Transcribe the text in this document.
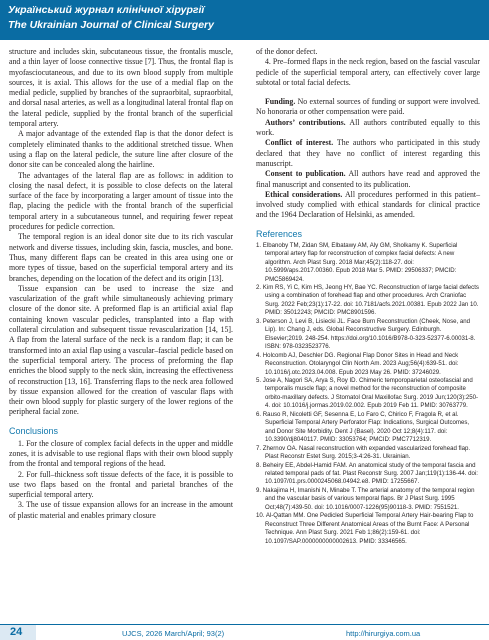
Український журнал клінічної хірургії
The Ukrainian Journal of Clinical Surgery

structure and includes skin, subcutaneous tissue, the frontalis muscle, and a thin layer of loose connective tissue [7]. Thus, the frontal flap is myofasciocutaneous, and due to its own blood supply from multiple sources, it is axial. This allows for the use of a medial flap on the medial pedicle, supplied by branches of the supraorbital, supraorbital, and dorsal nasal arteries, as well as a longitudinal lateral frontal flap on the lateral pedicle, supplied by the frontal branch of the superficial temporal artery.

A major advantage of the extended flap is that the donor defect is completely eliminated thanks to the additional stretched tissue. When using a flap on the lateral pedicle, the suture line after closure of the donor site can be concealed along the hairline.

The advantages of the lateral flap are as follows: in addition to closing the nasal defect, it is possible to close defects on the lateral surface of the face by incorporating a larger amount of tissue into the flap, placing the pedicle with the frontal branch of the superficial temporal artery in a subcutaneous tunnel, and requiring fewer repeat procedures for pedicle correction.

The temporal region is an ideal donor site due to its rich vascular network and diverse tissues, including skin, fascia, muscles, and bone. Thus, many different flaps can be created in this area using one or more types of tissue, based on the superficial temporal artery and its branches, depending on the location of the defect and its origin [13].

Tissue expansion can be used to increase the size and vascularization of the graft while simultaneously achieving primary closure of the donor site. A preformed flap is an artificial axial flap containing known vascular pedicles, transplanted into a flap with collateral circulation and subsequent tissue revascularization [14, 15]. A flap from the lateral surface of the neck is a random flap; it can be transformed into an axial flap using a vascular–fascial pedicle based on the superficial temporal artery. The process of preforming the flap enriches the blood supply to the neck skin, increasing the effectiveness of reconstruction [13, 16]. Transferring flaps to the neck area followed by tissue expansion allowed for the creation of vascular flaps with their own blood supply for plastic surgery of the lower regions of the peripheral facial zone.

Conclusions

1. For the closure of complex facial defects in the upper and middle zones, it is advisable to use regional flaps with their own blood supply from the frontal and temporal regions of the head.

2. For full–thickness soft tissue defects of the face, it is possible to use two flaps based on the frontal and parietal branches of the superficial temporal artery.

3. The use of tissue expansion allows for an increase in the amount of plastic material and enables primary closure

of the donor defect.

4. Pre–formed flaps in the neck region, based on the fascial vascular pedicle of the superficial temporal artery, can effectively cover large subtotal or total facial defects.

Funding. No external sources of funding or support were involved. No honoraria or other compensation were paid.

Authors’ contributions. All authors contributed equally to this work.

Conflict of interest. The authors who participated in this study declared that they have no conflict of interest regarding this manuscript.

Consent to publication. All authors have read and approved the final manuscript and consented to its publication.

Ethical considerations. All procedures performed in this patient–involved study complied with ethical standards for clinical practice and the 1964 Declaration of Helsinki, as amended.

References
1. Elbanoby TM, Zidan SM, Elbatawy AM, Aly GM, Sholkamy K. Superficial temporal artery flap for reconstruction of complex facial defects: A new algorithm. Arch Plast Surg. 2018 Mar;45(2):118-27. doi: 10.5999/aps.2017.00360. Epub 2018 Mar 5. PMID: 29506337; PMCID: PMC5869424.
2. Kim RS, Yi C, Kim HS, Jeong HY, Bae YC. Reconstruction of large facial defects using a combination of forehead flap and other procedures. Arch Craniofac Surg. 2022 Feb;23(1):17-22. doi: 10.7181/acfs.2021.00381. Epub 2022 Jan 10. PMID: 35012243; PMCID: PMC8901596.
3. Peterson J, Levi B, Lisiecki JL. Face Burn Reconstruction (Cheek, Nose, and Lip). In: Chang J, eds. Global Reconstructive Surgery. Edinburgh. Elsevier;2019. 248-254. https://doi.org/10.1016/B978-0-323-52377-6.00031-8. ISBN: 978-0323523776.
4. Holcomb AJ, Deschler DG. Regional Flap Donor Sites in Head and Neck Reconstruction. Otolaryngol Clin North Am. 2023 Aug;56(4):639-51. doi: 10.1016/j.otc.2023.04.008. Epub 2023 May 26. PMID: 37246029.
5. Jose A, Nagori SA, Arya S, Roy ID. Chimeric temporoparietal osteofascial and temporalis muscle flap; a novel method for the reconstruction of composite orbito-maxillary defects. J Stomatol Oral Maxillofac Surg. 2019 Jun;120(3):250-4. doi: 10.1016/j.jormas.2019.02.002. Epub 2019 Feb 11. PMID: 30763779.
6. Rauso R, Nicoletti GF, Sesenna E, Lo Faro C, Chirico F, Fragola R, et al. Superficial Temporal Artery Perforator Flap: Indications, Surgical Outcomes, and Donor Site Morbidity. Dent J (Basel). 2020 Oct 12;8(4):117. doi: 10.3390/dj8040117. PMID: 33053764; PMCID: PMC7712319.
7. Zhernov OA. Nasal reconstruction with expanded vascularized forehead flap. Plast Reconstr Estet Surg. 2015;3-4:26-31. Ukrainian.
8. Beheiry EE, Abdel-Hamid FAM. An anatomical study of the temporal fascia and related temporal pads of fat. Plast Reconstr Surg. 2007 Jan;119(1):136-44. doi: 10.1097/01.prs.0000245068.04942.e8. PMID: 17255667.
9. Nakajima H, Imanishi N, Minabe T. The arterial anatomy of the temporal region and the vascular basis of various temporal flaps. Br J Plast Surg. 1995 Oct;48(7):439-50. doi: 10.1016/0007-1226(95)90118-3. PMID: 7551521.
10. Al-Qattan MM. One Pedicled Superficial Temporal Artery Hair-bearing Flap to Reconstruct Three Different Anatomical Areas of the Burnt Face: A Personal Technique. Ann Plast Surg. 2021 Feb 1;86(2):159-61. doi: 10.1097/SAP.0000000000002613. PMID: 33346565.
24	UJCS, 2026 March/April; 93(2)	http://hirurgiya.com.ua
